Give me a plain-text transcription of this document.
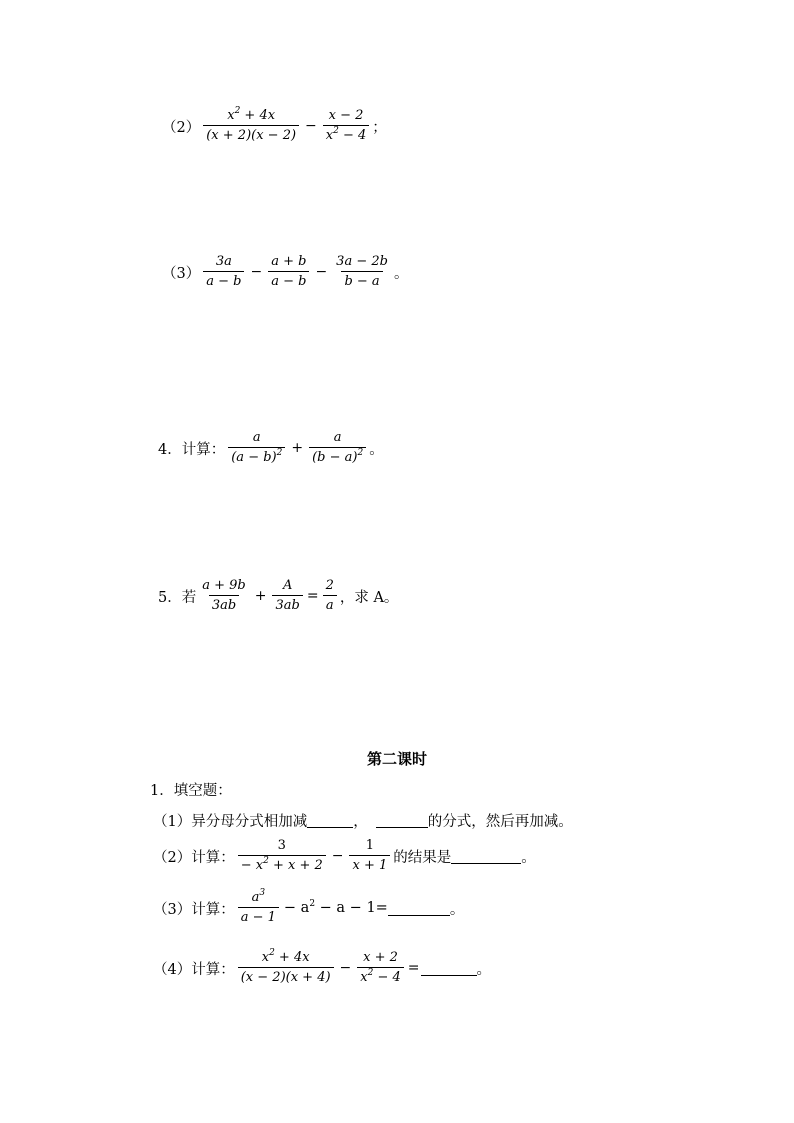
$(2) \frac{x^2 + 4x}{(x + 2)(x - 2)} - \frac{x - 2}{x^2 - 4}$ ；
$(3) \frac{3a}{a - b} - \frac{a + b}{a - b} - \frac{3a - 2b}{b - a}$ 。
4．计算： $\frac{a}{(a - b)^2} + \frac{a}{(b - a)^2}$ 。
5．若 $\frac{a + 9b}{3ab} + \frac{A}{3ab} = \frac{2}{a}$ ，求 A。
第二课时
1．填空题：
（1）异分母分式相加减	，	的分式，然后再加减。
（2）计算： $\frac{3}{- x^2 + x + 2} - \frac{1}{x + 1}$ 的结果是	。
（3）计算： $\frac{a^3}{a - 1} - a^2 - a - 1=$	。
（4）计算： $\frac{x^2 + 4x}{(x - 2)(x + 4)} - \frac{x + 2}{x^2 - 4}$ =	。
